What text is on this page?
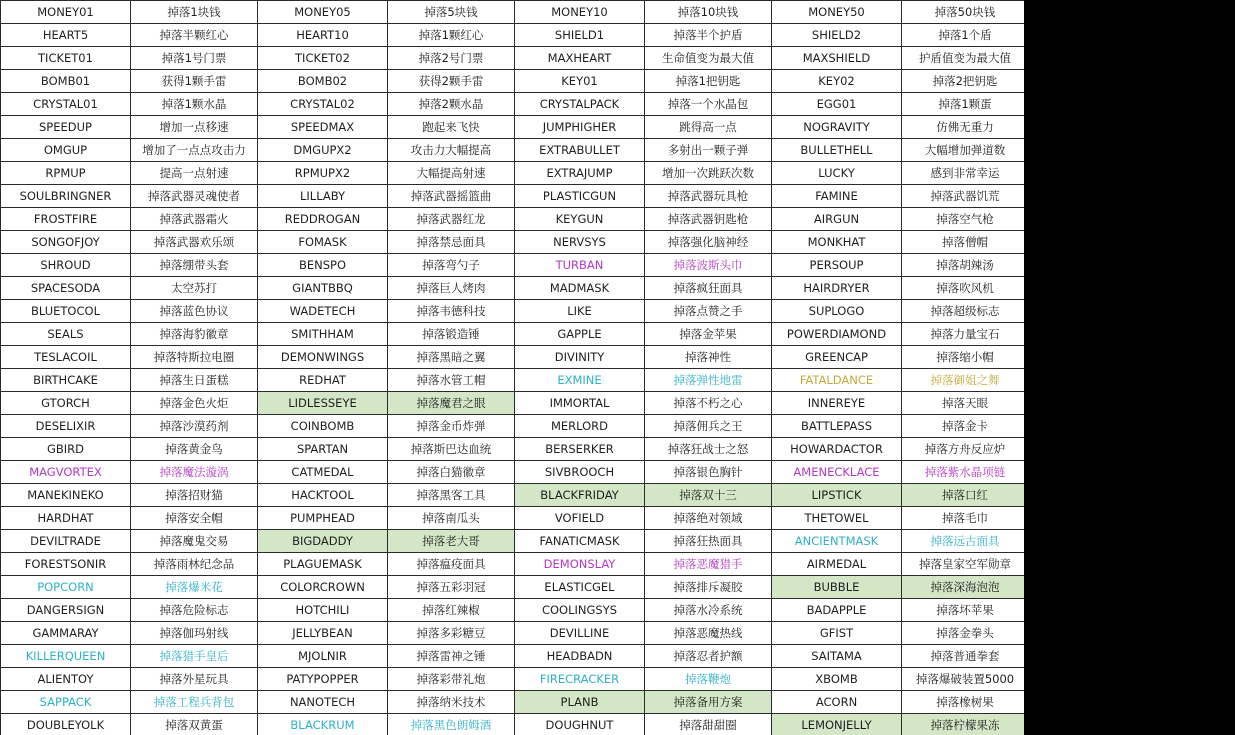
MONEY01	掉落1块钱	MONEY05	掉落5块钱	MONEY10	掉落10块钱	MONEY50	掉落50块钱
HEART5	掉落半颗红心	HEART10	掉落1颗红心	SHIELD1	掉落半个护盾	SHIELD2	掉落1个盾
TICKET01	掉落1号门票	TICKET02	掉落2号门票	MAXHEART	生命值变为最大值	MAXSHIELD	护盾值变为最大值
BOMB01	获得1颗手雷	BOMB02	获得2颗手雷	KEY01	掉落1把钥匙	KEY02	掉落2把钥匙
CRYSTAL01	掉落1颗水晶	CRYSTAL02	掉落2颗水晶	CRYSTALPACK	掉落一个水晶包	EGG01	掉落1颗蛋
SPEEDUP	增加一点移速	SPEEDMAX	跑起来飞快	JUMPHIGHER	跳得高一点	NOGRAVITY	仿佛无重力
OMGUP	增加了一点点攻击力	DMGUPX2	攻击力大幅提高	EXTRABULLET	多射出一颗子弹	BULLETHELL	大幅增加弹道数
RPMUP	提高一点射速	RPMUPX2	大幅提高射速	EXTRAJUMP	增加一次跳跃次数	LUCKY	感到非常幸运
SOULBRINGNER	掉落武器灵魂使者	LILLABY	掉落武器摇篮曲	PLASTICGUN	掉落武器玩具枪	FAMINE	掉落武器饥荒
FROSTFIRE	掉落武器霜火	REDDROGAN	掉落武器红龙	KEYGUN	掉落武器钥匙枪	AIRGUN	掉落空气枪
SONGOFJOY	掉落武器欢乐颂	FOMASK	掉落禁忌面具	NERVSYS	掉落强化脑神经	MONKHAT	掉落僧帽
SHROUD	掉落绷带头套	BENSPO	掉落弯勺子	TURBAN	掉落波斯头巾	PERSOUP	掉落胡辣汤
SPACESODA	太空苏打	GIANTBBQ	掉落巨人烤肉	MADMASK	掉落疯狂面具	HAIRDRYER	掉落吹风机
BLUETOCOL	掉落蓝色协议	WADETECH	掉落韦德科技	LIKE	掉落点赞之手	SUPLOGO	掉落超级标志
SEALS	掉落海豹徽章	SMITHHAM	掉落锻造锤	GAPPLE	掉落金苹果	POWERDIAMOND	掉落力量宝石
TESLACOIL	掉落特斯拉电圈	DEMONWINGS	掉落黑暗之翼	DIVINITY	掉落神性	GREENCAP	掉落缩小帽
BIRTHCAKE	掉落生日蛋糕	REDHAT	掉落水管工帽	EXMINE	掉落弹性地雷	FATALDANCE	掉落御姐之舞
GTORCH	掉落金色火炬	LIDLESSEYE	掉落魔君之眼	IMMORTAL	掉落不朽之心	INNEREYE	掉落天眼
DESELIXIR	掉落沙漠药剂	COINBOMB	掉落金币炸弹	MERLORD	掉落佣兵之王	BATTLEPASS	掉落金卡
GBIRD	掉落黄金鸟	SPARTAN	掉落斯巴达血统	BERSERKER	掉落狂战士之怒	HOWARDACTOR	掉落方舟反应炉
MAGVORTEX	掉落魔法漩涡	CATMEDAL	掉落白猫徽章	SIVBROOCH	掉落银色胸针	AMENECKLACE	掉落紫水晶项链
MANEKINEKO	掉落招财猫	HACKTOOL	掉落黑客工具	BLACKFRIDAY	掉落双十三	LIPSTICK	掉落口红
HARDHAT	掉落安全帽	PUMPHEAD	掉落南瓜头	VOFIELD	掉落绝对领域	THETOWEL	掉落毛巾
DEVILTRADE	掉落魔鬼交易	BIGDADDY	掉落老大哥	FANATICMASK	掉落狂热面具	ANCIENTMASK	掉落远古面具
FORESTSONIR	掉落雨林纪念品	PLAGUEMASK	掉落瘟疫面具	DEMONSLAY	掉落恶魔猎手	AIRMEDAL	掉落皇家空军勋章
POPCORN	掉落爆米花	COLORCROWN	掉落五彩羽冠	ELASTICGEL	掉落排斥凝胶	BUBBLE	掉落深海泡泡
DANGERSIGN	掉落危险标志	HOTCHILI	掉落红辣椒	COOLINGSYS	掉落水冷系统	BADAPPLE	掉落坏苹果
GAMMARAY	掉落伽玛射线	JELLYBEAN	掉落多彩糖豆	DEVILLINE	掉落恶魔热线	GFIST	掉落金拳头
KILLERQUEEN	掉落猎手皇后	MJOLNIR	掉落雷神之锤	HEADBADN	掉落忍者护额	SAITAMA	掉落普通拳套
ALIENTOY	掉落外星玩具	PATYPOPPER	掉落彩带礼炮	FIRECRACKER	掉落鞭炮	XBOMB	掉落爆破装置5000
SAPPACK	掉落工程兵背包	NANOTECH	掉落纳米技术	PLANB	掉落备用方案	ACORN	掉落橡树果
DOUBLEYOLK	掉落双黄蛋	BLACKRUM	掉落黑色朗姆酒	DOUGHNUT	掉落甜甜圈	LEMONJELLY	掉落柠檬果冻
